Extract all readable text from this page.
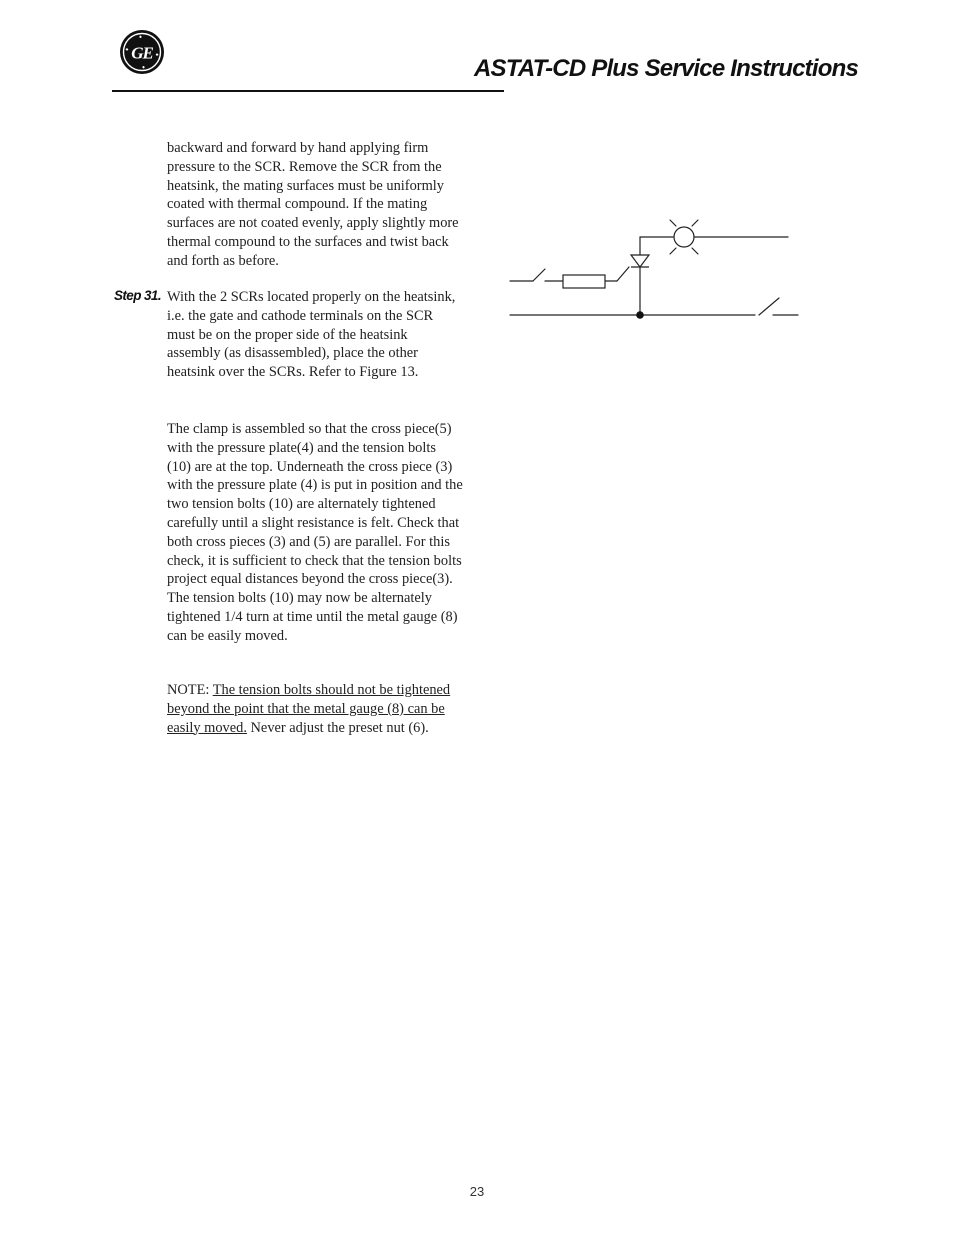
GE
ASTAT-CD Plus Service Instructions

backward and forward by hand applying firm pressure to the SCR. Remove the SCR from the heatsink, the mating surfaces must be uniformly coated with thermal compound. If the mating surfaces are not coated evenly, apply slightly more thermal compound to the surfaces and twist back and forth as before.

Step 31. With the 2 SCRs located properly on the heatsink, i.e. the gate and cathode terminals on the SCR must be on the proper side of the heatsink assembly (as disassembled), place the other heatsink over the SCRs. Refer to Figure 13.

The clamp is assembled so that the cross piece(5) with the pressure plate(4) and the tension bolts (10) are at the top. Underneath the cross piece (3) with the pressure plate (4) is put in position and the two tension bolts (10) are alternately tightened carefully until a slight resistance is felt. Check that both cross pieces (3) and (5) are parallel. For this check, it is sufficient to check that the tension bolts project equal distances beyond the cross piece(3). The tension bolts (10) may now be alternately tightened 1/4 turn at time until the metal gauge (8) can be easily moved.

NOTE: The tension bolts should not be tightened beyond the point that the metal gauge (8) can be easily moved. Never adjust the preset nut (6).

23
